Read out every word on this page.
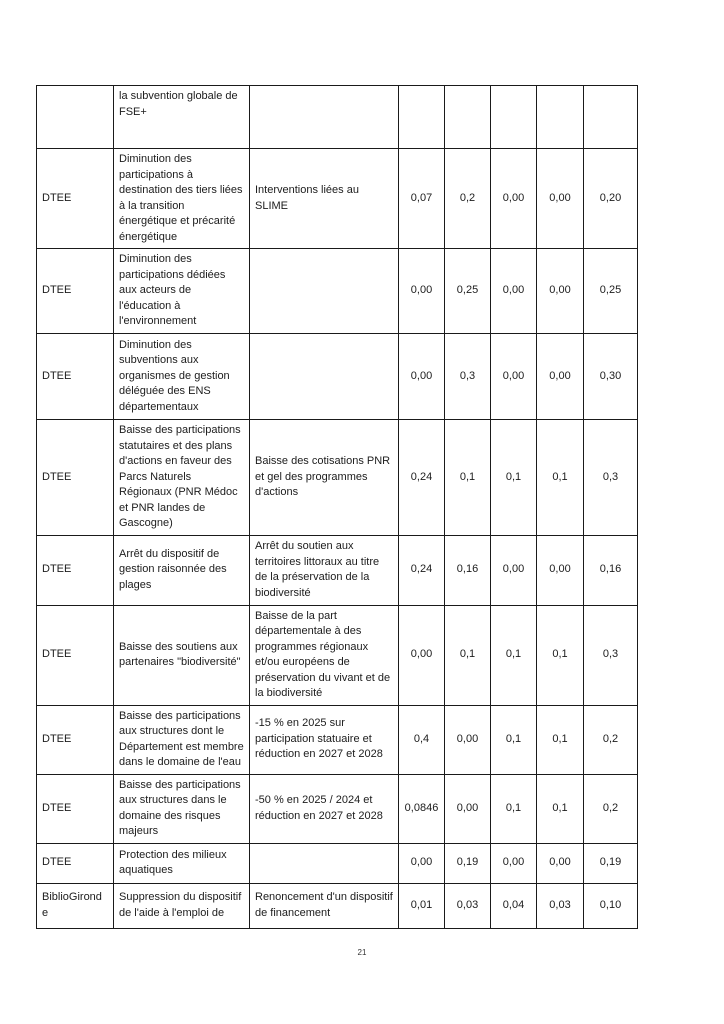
	la subvention globale de FSE+						
DTEE	Diminution des participations à destination des tiers liées à la transition énergétique et précarité énergétique	Interventions liées au SLIME	0,07	0,2	0,00	0,00	0,20
DTEE	Diminution des participations dédiées aux acteurs de l'éducation à l'environnement		0,00	0,25	0,00	0,00	0,25
DTEE	Diminution des subventions aux organismes de gestion déléguée des ENS départementaux		0,00	0,3	0,00	0,00	0,30
DTEE	Baisse des participations statutaires et des plans d'actions en faveur des Parcs Naturels Régionaux (PNR Médoc et PNR landes de Gascogne)	Baisse des cotisations PNR et gel des programmes d'actions	0,24	0,1	0,1	0,1	0,3
DTEE	Arrêt du dispositif de gestion raisonnée des plages	Arrêt du soutien aux territoires littoraux au titre de la préservation de la biodiversité	0,24	0,16	0,00	0,00	0,16
DTEE	Baisse des soutiens aux partenaires "biodiversité"	Baisse de la part départementale à des programmes régionaux et/ou européens de préservation du vivant et de la biodiversité	0,00	0,1	0,1	0,1	0,3
DTEE	Baisse des participations aux structures dont le Département est membre dans le domaine de l'eau	-15 % en 2025 sur participation statuaire et réduction en 2027 et 2028	0,4	0,00	0,1	0,1	0,2
DTEE	Baisse des participations aux structures dans le domaine des risques majeurs	-50 % en 2025 / 2024 et réduction en 2027 et 2028	0,0846	0,00	0,1	0,1	0,2
DTEE	Protection des milieux aquatiques		0,00	0,19	0,00	0,00	0,19
BiblioGironde	Suppression du dispositif de l'aide à l'emploi de	Renoncement d'un dispositif de financement	0,01	0,03	0,04	0,03	0,10
21
